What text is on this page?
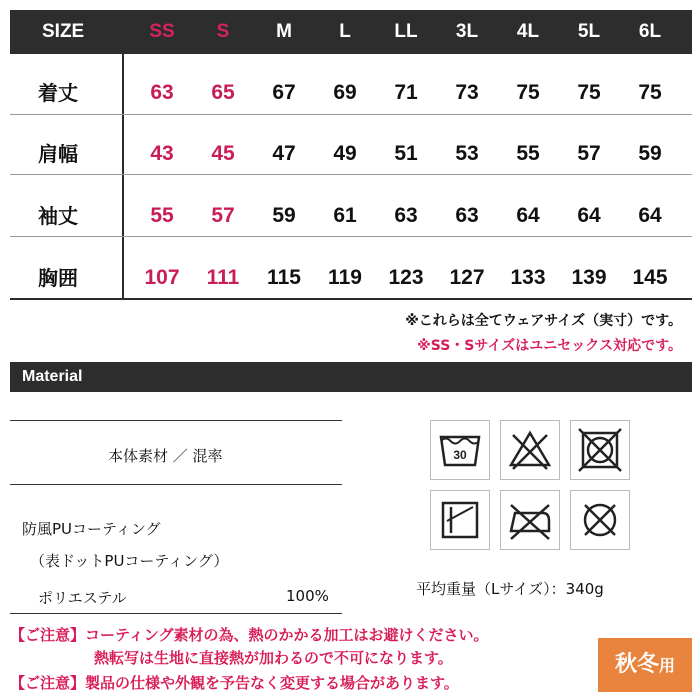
SIZE	SS	S	M	L	LL	3L	4L	5L	6L
着丈	63	65	67	69	71	73	75	75	75
肩幅	43	45	47	49	51	53	55	57	59
袖丈	55	57	59	61	63	63	64	64	64
胸囲	107	111	115	119	123	127	133	139	145
※これらは全てウェアサイズ（実寸）です。
※SS・Sサイズはユニセックス対応です。
Material
本体素材 ／ 混率
防風PUコーティング
（表ドットPUコーティング）
ポリエステル	100%
30
平均重量（Lサイズ）：340g
【ご注意】コーティング素材の為、熱のかかる加工はお避けください。
熱転写は生地に直接熱が加わるので不可になります。
【ご注意】製品の仕様や外観を予告なく変更する場合があります。
秋冬用
